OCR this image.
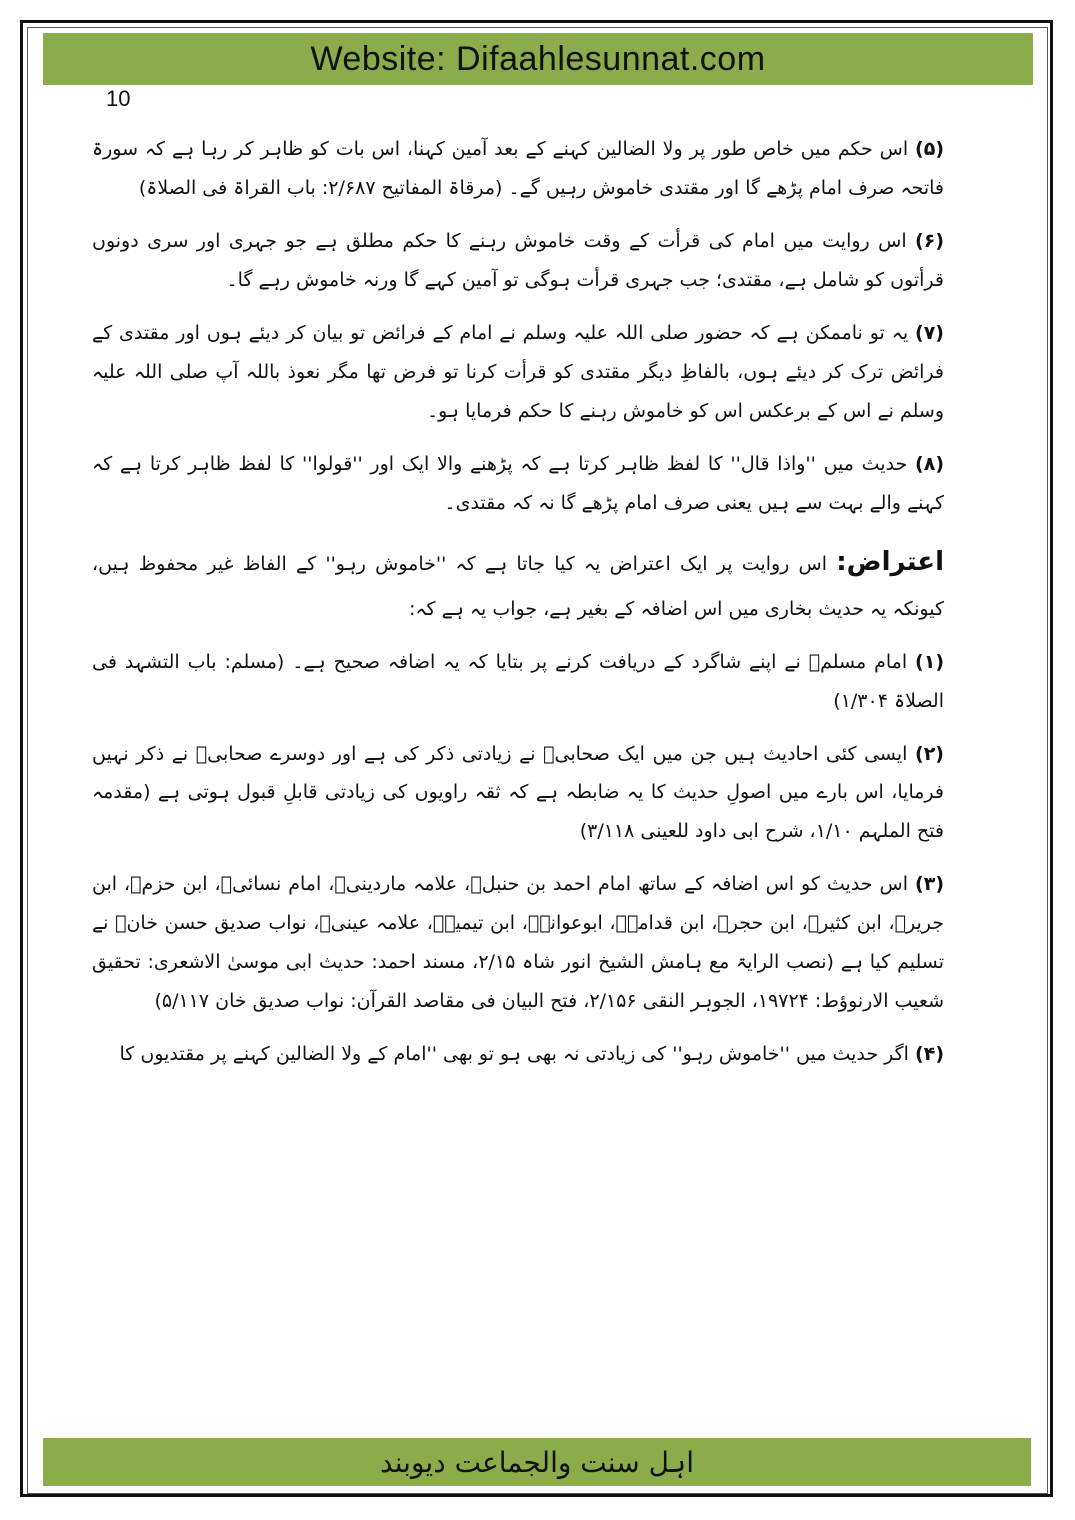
Website: Difaahlesunnat.com
10

(۵) اس حکم میں خاص طور پر ولا الضالین کہنے کے بعد آمین کہنا، اس بات کو ظاہر کر رہا ہے کہ سورۃ فاتحہ صرف امام پڑھے گا اور مقتدی خاموش رہیں گے۔ (مرقاۃ المفاتیح ۲/۶۸۷: باب القراۃ فی الصلاۃ)

(۶) اس روایت میں امام کی قرأت کے وقت خاموش رہنے کا حکم مطلق ہے جو جہری اور سری دونوں قرأتوں کو شامل ہے، مقتدی؛ جب جہری قرأت ہوگی تو آمین کہے گا ورنہ خاموش رہے گا۔

(۷) یہ تو ناممکن ہے کہ حضور صلی اللہ علیہ وسلم نے امام کے فرائض تو بیان کر دیئے ہوں اور مقتدی کے فرائض ترک کر دیئے ہوں، بالفاظِ دیگر مقتدی کو قرأت کرنا تو فرض تھا مگر نعوذ باللہ آپ صلی اللہ علیہ وسلم نے اس کے برعکس اس کو خاموش رہنے کا حکم فرمایا ہو۔

(۸) حدیث میں ''واذا قال'' کا لفظ ظاہر کرتا ہے کہ پڑھنے والا ایک اور ''قولوا'' کا لفظ ظاہر کرتا ہے کہ کہنے والے بہت سے ہیں یعنی صرف امام پڑھے گا نہ کہ مقتدی۔

اعتراض: اس روایت پر ایک اعتراض یہ کیا جاتا ہے کہ ''خاموش رہو'' کے الفاظ غیر محفوظ ہیں، کیونکہ یہ حدیث بخاری میں اس اضافہ کے بغیر ہے، جواب یہ ہے کہ:

(۱) امام مسلمؒ نے اپنے شاگرد کے دریافت کرنے پر بتایا کہ یہ اضافہ صحیح ہے۔ (مسلم: باب التشہد فی الصلاۃ ۱/۳۰۴)

(۲) ایسی کئی احادیث ہیں جن میں ایک صحابیؓ نے زیادتی ذکر کی ہے اور دوسرے صحابیؓ نے ذکر نہیں فرمایا، اس بارے میں اصولِ حدیث کا یہ ضابطہ ہے کہ ثقہ راویوں کی زیادتی قابلِ قبول ہوتی ہے (مقدمہ فتح الملہم ۱/۱۰، شرح ابی داود للعینی ۳/۱۱۸)

(۳) اس حدیث کو اس اضافہ کے ساتھ امام احمد بن حنبلؒ، علامہ ماردینیؒ، امام نسائیؒ، ابن حزمؒ، ابن جریرؒ، ابن کثیرؒ، ابن حجرؒ، ابن قدامہؒ، ابوعوانہؒ، ابن تیمیہؒ، علامہ عینیؒ، نواب صدیق حسن خانؒ نے تسلیم کیا ہے (نصب الرایۃ مع ہامش الشیخ انور شاہ ۲/۱۵، مسند احمد: حدیث ابی موسیٰ الاشعری: تحقیق شعیب الارنوؤط: ۱۹۷۲۴، الجوہر النقی ۲/۱۵۶، فتح البیان فی مقاصد القرآن: نواب صدیق خان ۵/۱۱۷)

(۴) اگر حدیث میں ''خاموش رہو'' کی زیادتی نہ بھی ہو تو بھی ''امام کے ولا الضالین کہنے پر مقتدیوں کا

اہل سنت والجماعت دیوبند
